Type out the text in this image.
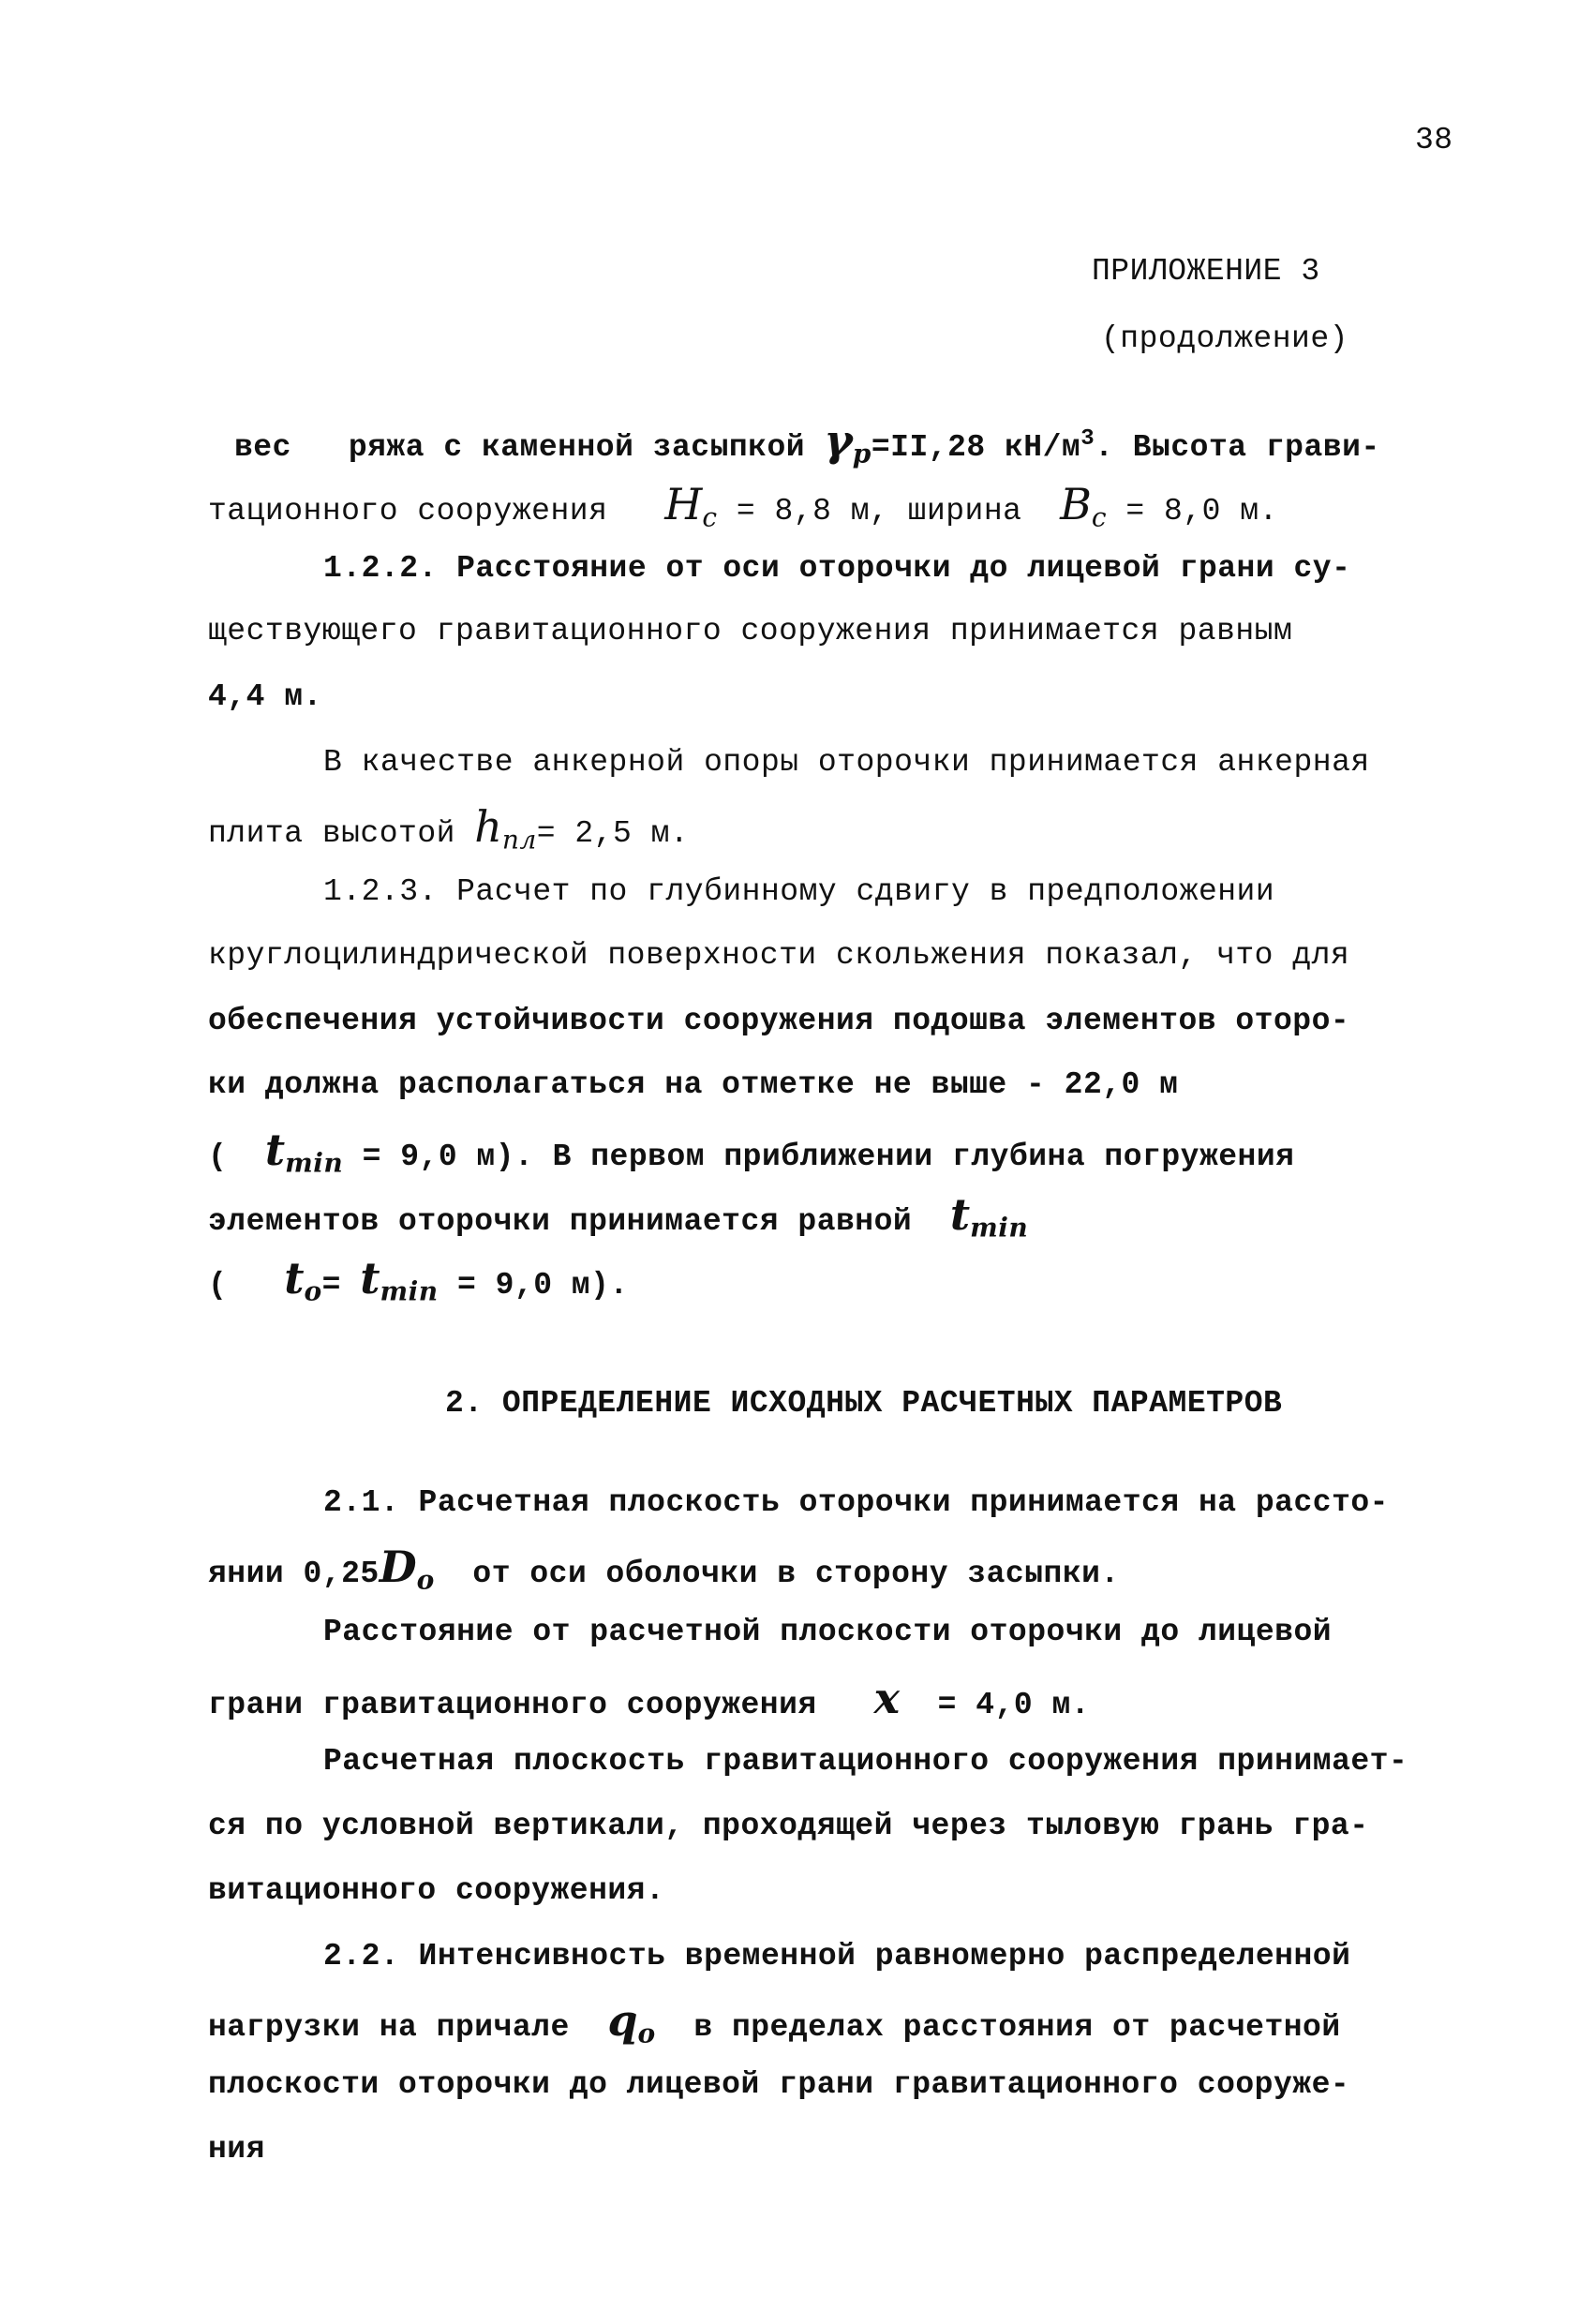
38
ПРИЛОЖЕНИЕ 3
(продолжение)
вес   ряжа с каменной засыпкой $\gamma_р=II,28$ $кН/м^3$. Высота грави-
тационного сооружения $H_с = 8,8$ м, ширина $B_с = 8,0$ м.
1.2.2. Расстояние от оси оторочки до лицевой грани су-
ществующего гравитационного сооружения принимается равным
4,4 м.
В качестве анкерной опоры оторочки принимается анкерная
плита высотой $h_{пл}= 2,5$ м.
1.2.3. Расчет по глубинному сдвигу в предположении
круглоцилиндрической поверхности скольжения показал, что для
обеспечения устойчивости сооружения подошва элементов оторо-
ки должна располагаться на отметке не выше - 22,0 м
( $t_{min} = 9,0$ м). В первом приближении глубина погружения
элементов оторочки принимается равной $t_{min}$
( $t_о= t_{min} = 9,0$ м).
2. ОПРЕДЕЛЕНИЕ ИСХОДНЫХ РАСЧЕТНЫХ ПАРАМЕТРОВ
2.1. Расчетная плоскость оторочки принимается на рассто-
янии $0,25D_о$ от оси оболочки в сторону засыпки.
Расстояние от расчетной плоскости оторочки до лицевой
грани гравитационного сооружения x = 4,0 м.
Расчетная плоскость гравитационного сооружения принимает-
ся по условной вертикали, проходящей через тыловую грань гра-
витационного сооружения.
2.2. Интенсивность временной равномерно распределенной
нагрузки на причале $q_о$ в пределах расстояния от расчетной
плоскости оторочки до лицевой грани гравитационного сооруже-
ния
